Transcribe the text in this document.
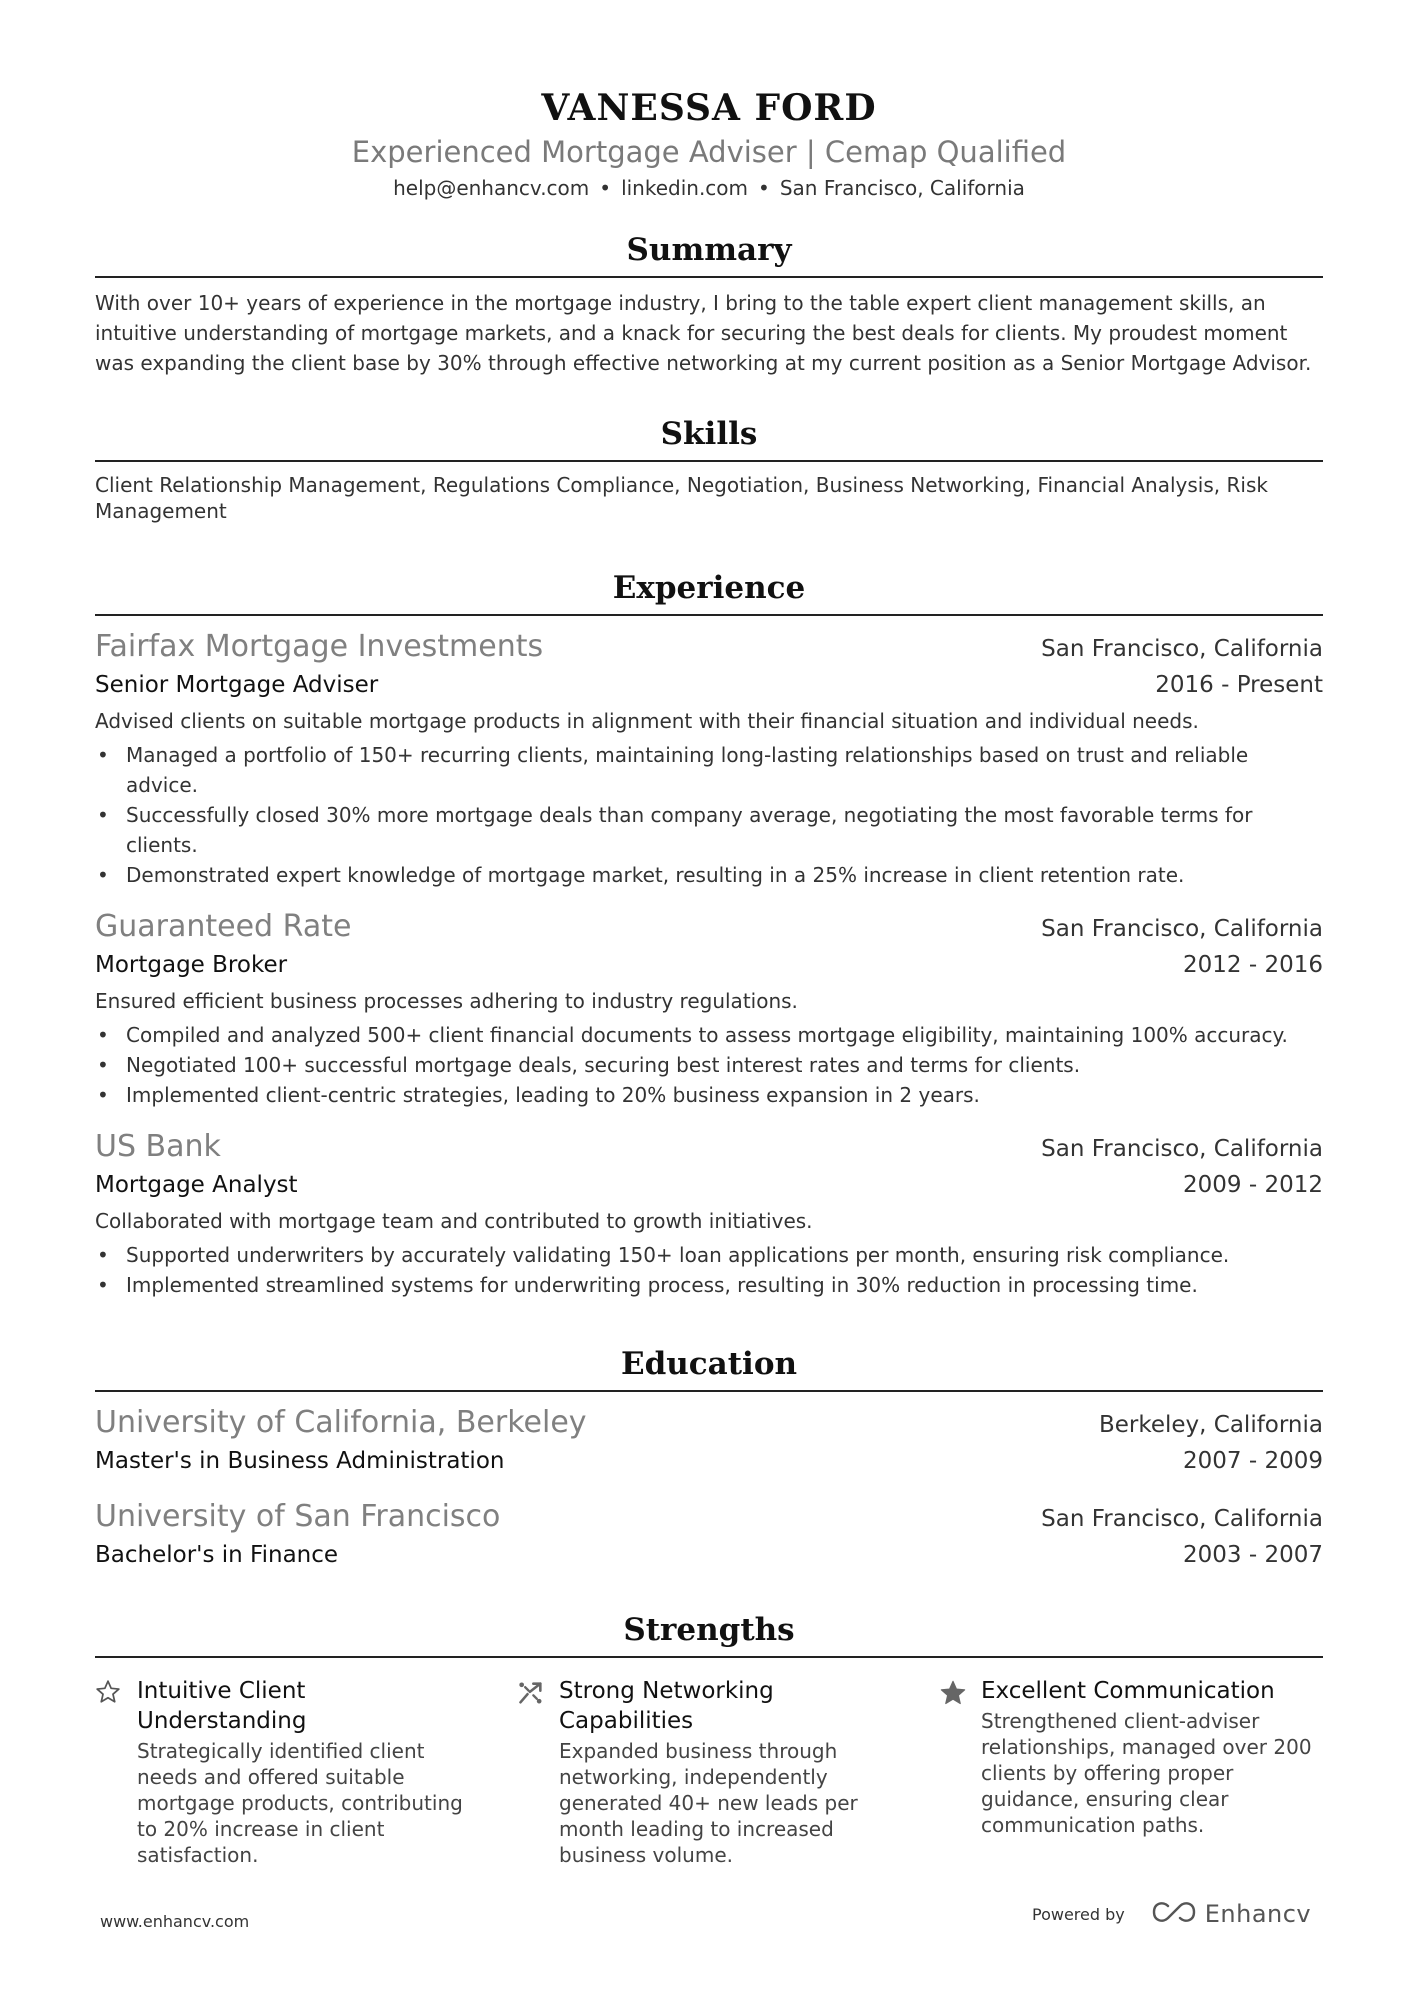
VANESSA FORD
Experienced Mortgage Adviser | Cemap Qualified
help@enhancv.com • linkedin.com • San Francisco, California
Summary
With over 10+ years of experience in the mortgage industry, I bring to the table expert client management skills, an intuitive understanding of mortgage markets, and a knack for securing the best deals for clients. My proudest moment was expanding the client base by 30% through effective networking at my current position as a Senior Mortgage Advisor.
Skills
Client Relationship Management, Regulations Compliance, Negotiation, Business Networking, Financial Analysis, Risk Management
Experience
Fairfax Mortgage Investments	San Francisco, California
Senior Mortgage Adviser	2016 - Present
Advised clients on suitable mortgage products in alignment with their financial situation and individual needs.
• Managed a portfolio of 150+ recurring clients, maintaining long-lasting relationships based on trust and reliable advice.
• Successfully closed 30% more mortgage deals than company average, negotiating the most favorable terms for clients.
• Demonstrated expert knowledge of mortgage market, resulting in a 25% increase in client retention rate.
Guaranteed Rate	San Francisco, California
Mortgage Broker	2012 - 2016
Ensured efficient business processes adhering to industry regulations.
• Compiled and analyzed 500+ client financial documents to assess mortgage eligibility, maintaining 100% accuracy.
• Negotiated 100+ successful mortgage deals, securing best interest rates and terms for clients.
• Implemented client-centric strategies, leading to 20% business expansion in 2 years.
US Bank	San Francisco, California
Mortgage Analyst	2009 - 2012
Collaborated with mortgage team and contributed to growth initiatives.
• Supported underwriters by accurately validating 150+ loan applications per month, ensuring risk compliance.
• Implemented streamlined systems for underwriting process, resulting in 30% reduction in processing time.
Education
University of California, Berkeley	Berkeley, California
Master's in Business Administration	2007 - 2009
University of San Francisco	San Francisco, California
Bachelor's in Finance	2003 - 2007
Strengths
Intuitive Client Understanding
Strategically identified client needs and offered suitable mortgage products, contributing to 20% increase in client satisfaction.
Strong Networking Capabilities
Expanded business through networking, independently generated 40+ new leads per month leading to increased business volume.
Excellent Communication
Strengthened client-adviser relationships, managed over 200 clients by offering proper guidance, ensuring clear communication paths.
www.enhancv.com	Powered by	Enhancv
